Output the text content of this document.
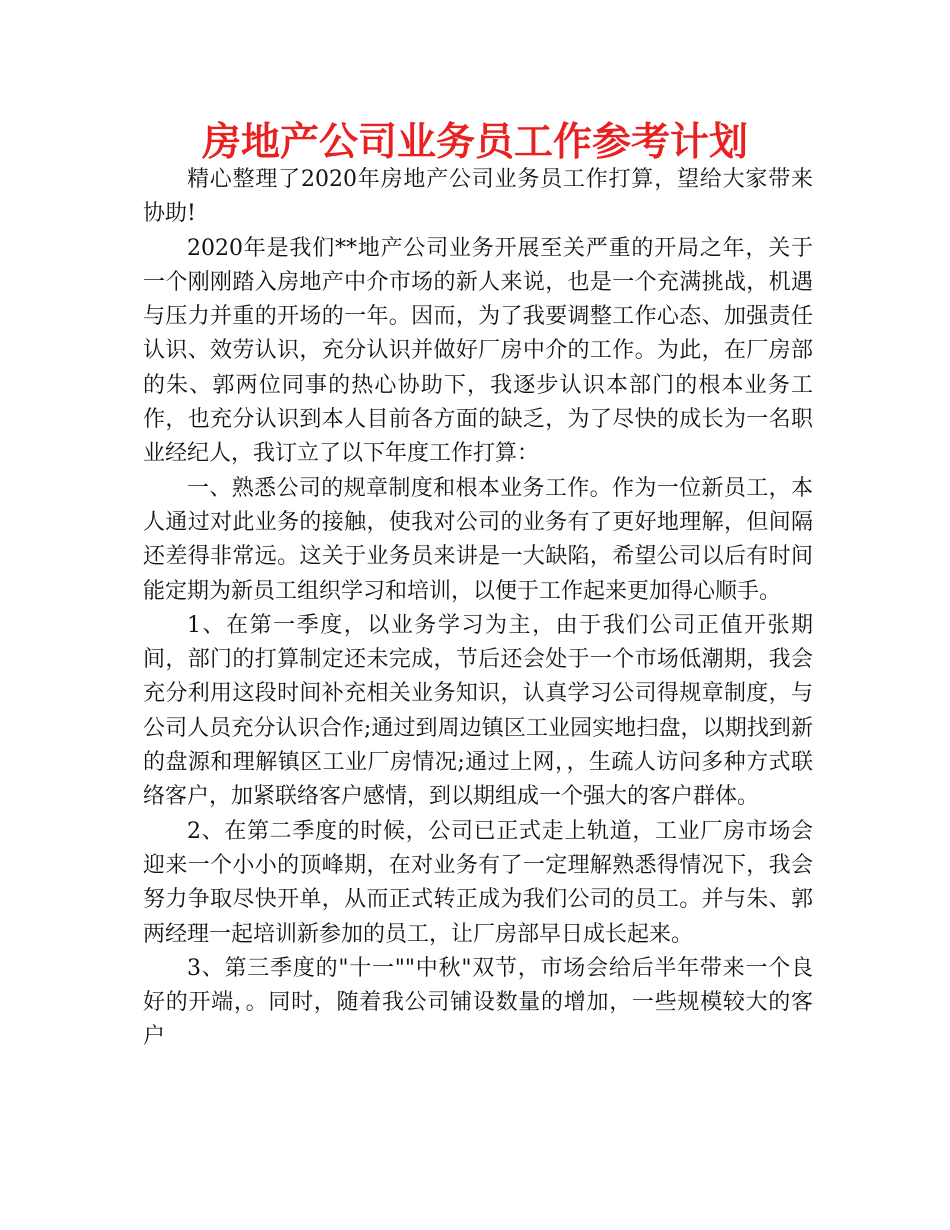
房地产公司业务员工作参考计划

精心整理了2020年房地产公司业务员工作打算，望给大家带来协助!

2020年是我们**地产公司业务开展至关严重的开局之年，关于一个刚刚踏入房地产中介市场的新人来说，也是一个充满挑战，机遇与压力并重的开场的一年。因而，为了我要调整工作心态、加强责任认识、效劳认识，充分认识并做好厂房中介的工作。为此，在厂房部的朱、郭两位同事的热心协助下，我逐步认识本部门的根本业务工作，也充分认识到本人目前各方面的缺乏，为了尽快的成长为一名职业经纪人，我订立了以下年度工作打算：

一、熟悉公司的规章制度和根本业务工作。作为一位新员工，本人通过对此业务的接触，使我对公司的业务有了更好地理解，但间隔还差得非常远。这关于业务员来讲是一大缺陷，希望公司以后有时间能定期为新员工组织学习和培训，以便于工作起来更加得心顺手。

1、在第一季度，以业务学习为主，由于我们公司正值开张期间，部门的打算制定还未完成，节后还会处于一个市场低潮期，我会充分利用这段时间补充相关业务知识，认真学习公司得规章制度，与公司人员充分认识合作;通过到周边镇区工业园实地扫盘，以期找到新的盘源和理解镇区工业厂房情况;通过上网，，生疏人访问多种方式联络客户，加紧联络客户感情，到以期组成一个强大的客户群体。

2、在第二季度的时候，公司已正式走上轨道，工业厂房市场会迎来一个小小的顶峰期，在对业务有了一定理解熟悉得情况下，我会努力争取尽快开单，从而正式转正成为我们公司的员工。并与朱、郭两经理一起培训新参加的员工，让厂房部早日成长起来。

3、第三季度的"十一""中秋"双节，市场会给后半年带来一个良好的开端，。同时，随着我公司铺设数量的增加，一些规模较大的客户
